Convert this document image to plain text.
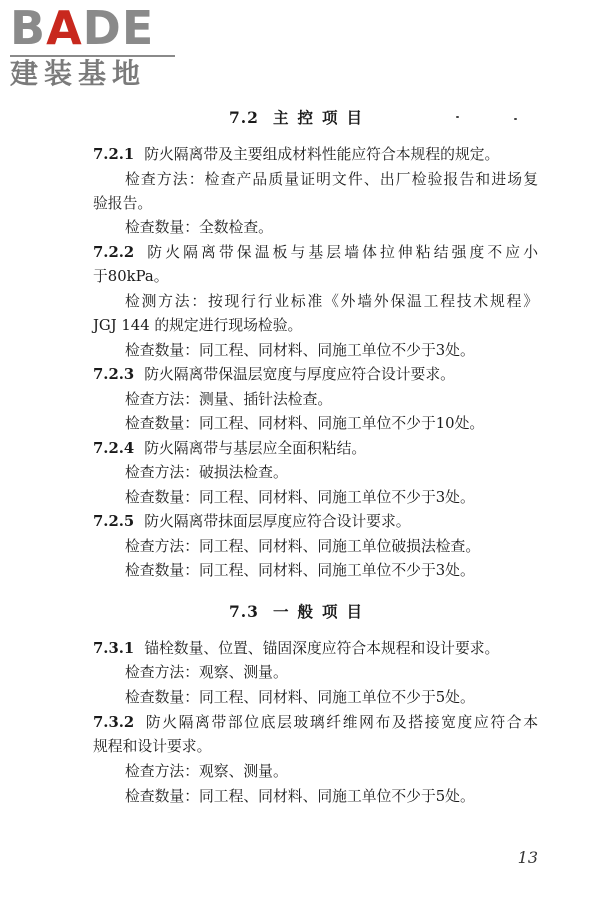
BADE
建装基地
7.2 主控项目
7.2.1 防火隔离带及主要组成材料性能应符合本规程的规定。
检查方法：检查产品质量证明文件、出厂检验报告和进场复
验报告。
检查数量：全数检查。
7.2.2 防火隔离带保温板与基层墙体拉伸粘结强度不应小
于80kPa。
检测方法：按现行行业标准《外墙外保温工程技术规程》
JGJ 144 的规定进行现场检验。
检查数量：同工程、同材料、同施工单位不少于3处。
7.2.3 防火隔离带保温层宽度与厚度应符合设计要求。
检查方法：测量、插针法检查。
检查数量：同工程、同材料、同施工单位不少于10处。
7.2.4 防火隔离带与基层应全面积粘结。
检查方法：破损法检查。
检查数量：同工程、同材料、同施工单位不少于3处。
7.2.5 防火隔离带抹面层厚度应符合设计要求。
检查方法：同工程、同材料、同施工单位破损法检查。
检查数量：同工程、同材料、同施工单位不少于3处。
7.3 一般项目
7.3.1 锚栓数量、位置、锚固深度应符合本规程和设计要求。
检查方法：观察、测量。
检查数量：同工程、同材料、同施工单位不少于5处。
7.3.2 防火隔离带部位底层玻璃纤维网布及搭接宽度应符合本
规程和设计要求。
检查方法：观察、测量。
检查数量：同工程、同材料、同施工单位不少于5处。
13
